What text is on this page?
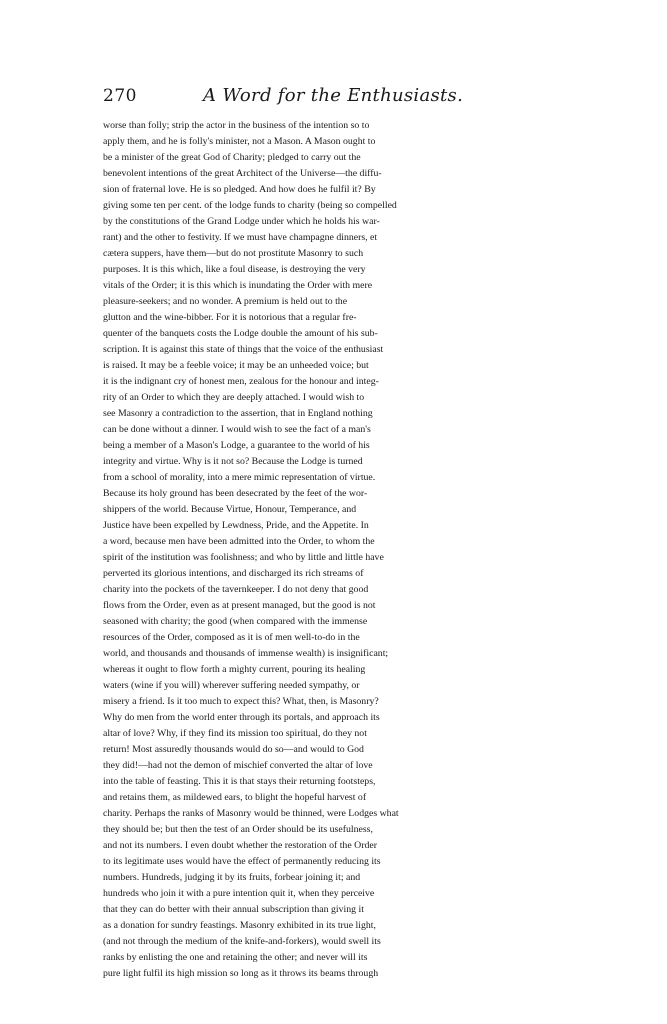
270	A Word for the Enthusiasts.
worse than folly; strip the actor in the business of the intention so to
apply them, and he is folly's minister, not a Mason. A Mason ought to
be a minister of the great God of Charity; pledged to carry out the
benevolent intentions of the great Architect of the Universe—the diffu-
sion of fraternal love. He is so pledged. And how does he fulfil it? By
giving some ten per cent. of the lodge funds to charity (being so compelled
by the constitutions of the Grand Lodge under which he holds his war-
rant) and the other to festivity. If we must have champagne dinners, et
cætera suppers, have them—but do not prostitute Masonry to such
purposes. It is this which, like a foul disease, is destroying the very
vitals of the Order; it is this which is inundating the Order with mere
pleasure-seekers; and no wonder. A premium is held out to the
glutton and the wine-bibber. For it is notorious that a regular fre-
quenter of the banquets costs the Lodge double the amount of his sub-
scription. It is against this state of things that the voice of the enthusiast
is raised. It may be a feeble voice; it may be an unheeded voice; but
it is the indignant cry of honest men, zealous for the honour and integ-
rity of an Order to which they are deeply attached. I would wish to
see Masonry a contradiction to the assertion, that in England nothing
can be done without a dinner. I would wish to see the fact of a man's
being a member of a Mason's Lodge, a guarantee to the world of his
integrity and virtue. Why is it not so? Because the Lodge is turned
from a school of morality, into a mere mimic representation of virtue.
Because its holy ground has been desecrated by the feet of the wor-
shippers of the world. Because Virtue, Honour, Temperance, and
Justice have been expelled by Lewdness, Pride, and the Appetite. In
a word, because men have been admitted into the Order, to whom the
spirit of the institution was foolishness; and who by little and little have
perverted its glorious intentions, and discharged its rich streams of
charity into the pockets of the tavernkeeper. I do not deny that good
flows from the Order, even as at present managed, but the good is not
seasoned with charity; the good (when compared with the immense
resources of the Order, composed as it is of men well-to-do in the
world, and thousands and thousands of immense wealth) is insignificant;
whereas it ought to flow forth a mighty current, pouring its healing
waters (wine if you will) wherever suffering needed sympathy, or
misery a friend. Is it too much to expect this? What, then, is Masonry?
Why do men from the world enter through its portals, and approach its
altar of love? Why, if they find its mission too spiritual, do they not
return! Most assuredly thousands would do so—and would to God
they did!—had not the demon of mischief converted the altar of love
into the table of feasting. This it is that stays their returning footsteps,
and retains them, as mildewed ears, to blight the hopeful harvest of
charity. Perhaps the ranks of Masonry would be thinned, were Lodges what
they should be; but then the test of an Order should be its usefulness,
and not its numbers. I even doubt whether the restoration of the Order
to its legitimate uses would have the effect of permanently reducing its
numbers. Hundreds, judging it by its fruits, forbear joining it; and
hundreds who join it with a pure intention quit it, when they perceive
that they can do better with their annual subscription than giving it
as a donation for sundry feastings. Masonry exhibited in its true light,
(and not through the medium of the knife-and-forkers), would swell its
ranks by enlisting the one and retaining the other; and never will its
pure light fulfil its high mission so long as it throws its beams through
